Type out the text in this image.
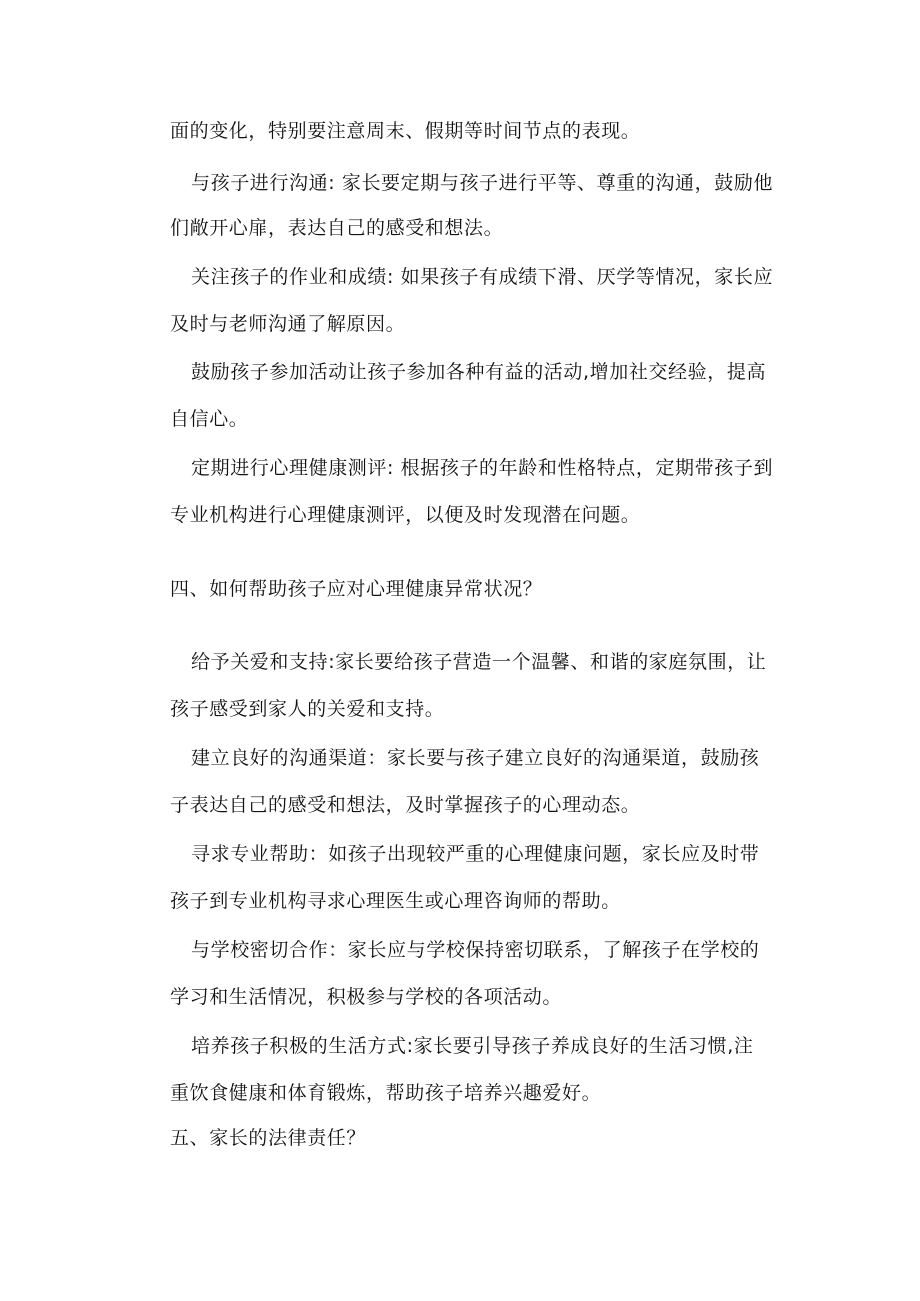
面的变化，特别要注意周末、假期等时间节点的表现。
与孩子进行沟通: 家长要定期与孩子进行平等、尊重的沟通，鼓励他
们敞开心扉，表达自己的感受和想法。
关注孩子的作业和成绩: 如果孩子有成绩下滑、厌学等情况，家长应
及时与老师沟通了解原因。
鼓励孩子参加活动让孩子参加各种有益的活动,增加社交经验，提高
自信心。
定期进行心理健康测评: 根据孩子的年龄和性格特点，定期带孩子到
专业机构进行心理健康测评，以便及时发现潜在问题。
四、如何帮助孩子应对心理健康异常状况？
给予关爱和支持:家长要给孩子营造一个温馨、和谐的家庭氛围，让
孩子感受到家人的关爱和支持。
建立良好的沟通渠道：家长要与孩子建立良好的沟通渠道，鼓励孩
子表达自己的感受和想法，及时掌握孩子的心理动态。
寻求专业帮助：如孩子出现较严重的心理健康问题，家长应及时带
孩子到专业机构寻求心理医生或心理咨询师的帮助。
与学校密切合作：家长应与学校保持密切联系，了解孩子在学校的
学习和生活情况，积极参与学校的各项活动。
培养孩子积极的生活方式:家长要引导孩子养成良好的生活习惯,注
重饮食健康和体育锻炼，帮助孩子培养兴趣爱好。
五、家长的法律责任？
